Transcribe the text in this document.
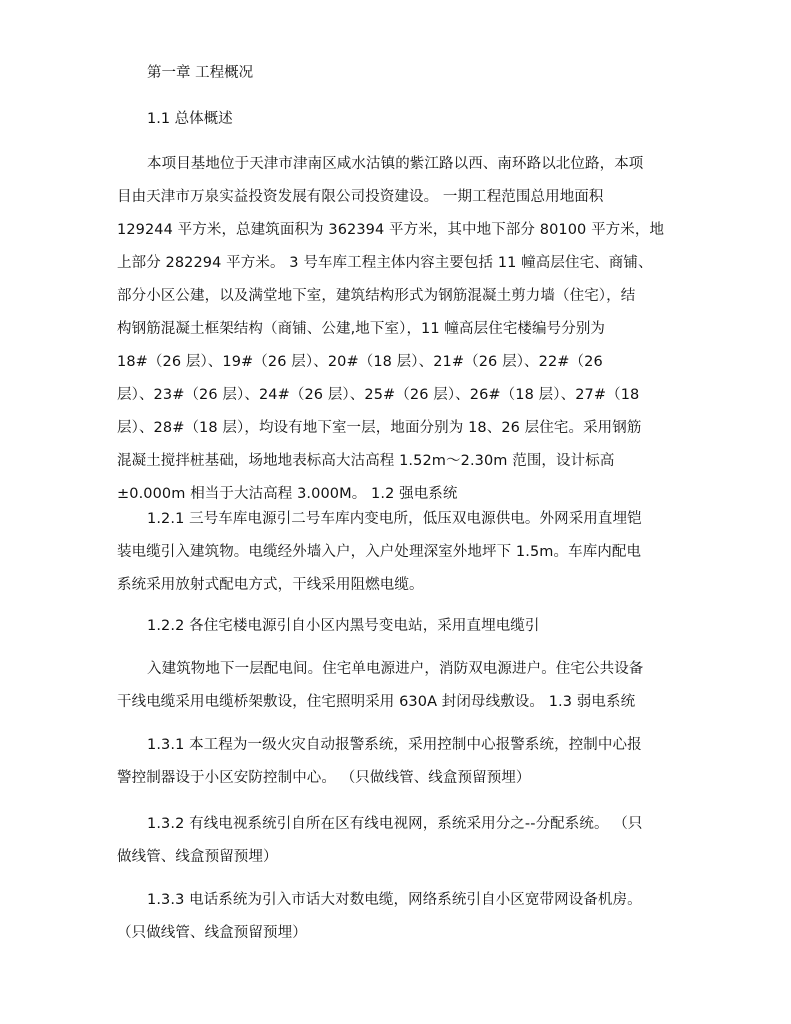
第一章 工程概况
1.1 总体概述
本项目基地位于天津市津南区咸水沽镇的紫江路以西、南环路以北位路，本项
目由天津市万泉实益投资发展有限公司投资建设。 一期工程范围总用地面积
129244 平方米，总建筑面积为 362394 平方米，其中地下部分 80100 平方米，地
上部分 282294 平方米。 3 号车库工程主体内容主要包括 11 幢高层住宅、商铺、
部分小区公建，以及满堂地下室，建筑结构形式为钢筋混凝土剪力墙（住宅），结
构钢筋混凝土框架结构（商铺、公建,地下室），11 幢高层住宅楼编号分别为
18#（26 层）、19#（26 层）、20#（18 层）、21#（26 层）、22#（26
层）、23#（26 层）、24#（26 层）、25#（26 层）、26#（18 层）、27#（18
层）、28#（18 层），均设有地下室一层，地面分别为 18、26 层住宅。采用钢筋
混凝土搅拌桩基础，场地地表标高大沽高程 1.52m～2.30m 范围，设计标高
±0.000m 相当于大沽高程 3.000M。 1.2 强电系统
1.2.1 三号车库电源引二号车库内变电所，低压双电源供电。外网采用直埋铠
装电缆引入建筑物。电缆经外墙入户，入户处理深室外地坪下 1.5m。车库内配电
系统采用放射式配电方式，干线采用阻燃电缆。
1.2.2 各住宅楼电源引自小区内黑号变电站，采用直埋电缆引
入建筑物地下一层配电间。住宅单电源进户，消防双电源进户。住宅公共设备
干线电缆采用电缆桥架敷设，住宅照明采用 630A 封闭母线敷设。 1.3 弱电系统
1.3.1 本工程为一级火灾自动报警系统，采用控制中心报警系统，控制中心报
警控制器设于小区安防控制中心。 （只做线管、线盒预留预埋）
1.3.2 有线电视系统引自所在区有线电视网，系统采用分之--分配系统。 （只
做线管、线盒预留预埋）
1.3.3 电话系统为引入市话大对数电缆，网络系统引自小区宽带网设备机房。
（只做线管、线盒预留预埋）
